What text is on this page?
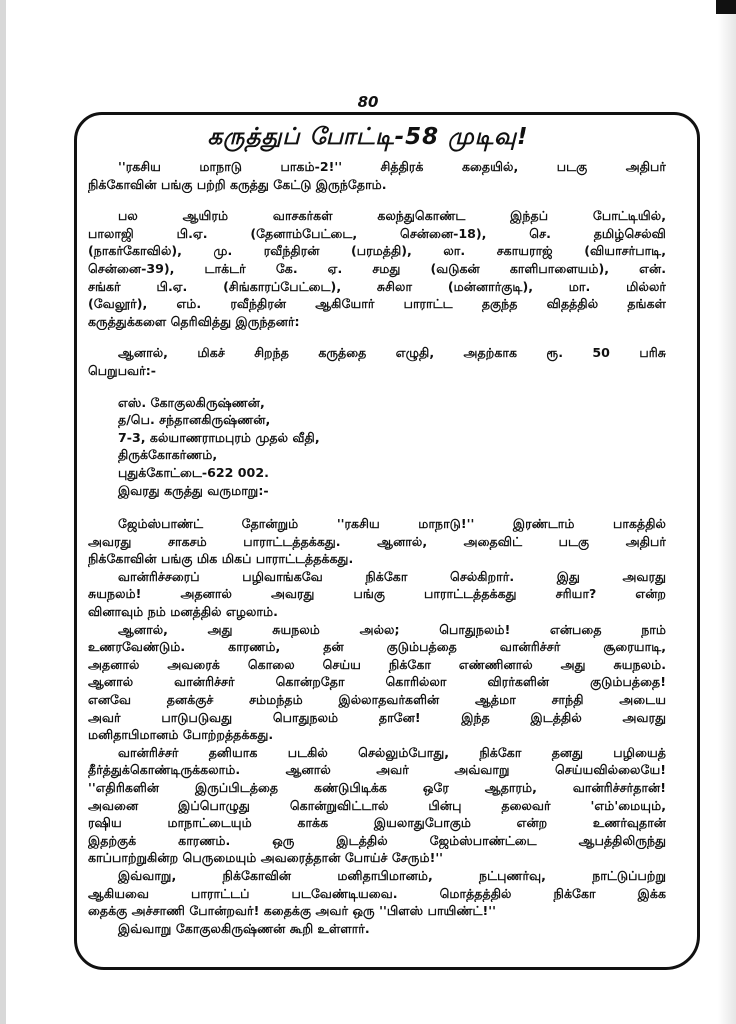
80
கருத்துப் போட்டி-58 முடிவு!
''ரகசிய மாநாடு பாகம்-2!'' சித்திரக் கதையில், படகு அதிபர்
நிக்கோவின் பங்கு பற்றி கருத்து கேட்டு இருந்தோம்.
பல ஆயிரம் வாசகர்கள் கலந்துகொண்ட இந்தப் போட்டியில்,
பாலாஜி பி.ஏ. (தேனாம்பேட்டை, சென்னை-18), செ. தமிழ்செல்வி
(நாகர்கோவில்), மு. ரவீந்திரன் (பரமத்தி), லா. சகாயராஜ் (வியாசர்பாடி,
சென்னை-39), டாக்டர் கே. ஏ. சமது (வடுகன் காளிபாளையம்), என்.
சங்கர் பி.ஏ. (சிங்காரப்பேட்டை), சுசிலா (மன்னார்குடி), மா. மில்லர்
(வேலூர்), எம். ரவீந்திரன் ஆகியோர் பாராட்ட தகுந்த விதத்தில் தங்கள்
கருத்துக்களை தெரிவித்து இருந்தனர்:
ஆனால், மிகச் சிறந்த கருத்தை எழுதி, அதற்காக ரூ. 50 பரிசு
பெறுபவர்:-
எஸ். கோகுலகிருஷ்ணன்,
த/பெ. சந்தானகிருஷ்ணன்,
7-3, கல்யாணராமபுரம் முதல் வீதி,
திருக்கோகர்ணம்,
புதுக்கோட்டை-622 002.
இவரது கருத்து வருமாறு:-
ஜேம்ஸ்பாண்ட் தோன்றும் ''ரகசிய மாநாடு!'' இரண்டாம் பாகத்தில்
அவரது சாகசம் பாராட்டத்தக்கது. ஆனால், அதைவிட் படகு அதிபர்
நிக்கோவின் பங்கு மிக மிகப் பாராட்டத்தக்கது.
வான்ரிச்சரைப் பழிவாங்கவே நிக்கோ செல்கிறார். இது அவரது
சுயநலம்! அதனால் அவரது பங்கு பாராட்டத்தக்கது சரியா? என்ற
வினாவும் நம் மனத்தில் எழலாம்.
ஆனால், அது சுயநலம் அல்ல; பொதுநலம்! என்பதை நாம்
உணரவேண்டும். காரணம், தன் குடும்பத்தை வான்ரிச்சர் சூரையாடி,
அதனால் அவரைக் கொலை செய்ய நிக்கோ எண்ணினால் அது சுயநலம்.
ஆனால் வான்ரிச்சர் கொன்றதோ கொரில்லா விரர்களின் குடும்பத்தை!
எனவே தனக்குச் சம்மந்தம் இல்லாதவர்களின் ஆத்மா சாந்தி அடைய
அவர் பாடுபடுவது பொதுநலம் தானே! இந்த இடத்தில் அவரது
மனிதாபிமானம் போற்றத்தக்கது.
வான்ரிச்சர் தனியாக படகில் செல்லும்போது, நிக்கோ தனது பழியைத்
தீர்த்துக்கொண்டிருக்கலாம். ஆனால் அவர் அவ்வாறு செய்யவில்லையே!
''எதிரிகளின் இருப்பிடத்தை கண்டுபிடிக்க ஒரே ஆதாரம், வான்ரிச்சர்தான்!
அவனை இப்பொழுது கொன்றுவிட்டால் பின்பு தலைவர் 'எம்'மையும்,
ரஷிய மாநாட்டையும் காக்க இயலாதுபோகும் என்ற உணர்வுதான்
இதற்குக் காரணம். ஒரு இடத்தில் ஜேம்ஸ்பாண்ட்டை ஆபத்திலிருந்து
காப்பாற்றுகின்ற பெருமையும் அவரைத்தான் போய்ச் சேரும்!''
இவ்வாறு, நிக்கோவின் மனிதாபிமானம், நட்புணர்வு, நாட்டுப்பற்று
ஆகியவை பாராட்டப் படவேண்டியவை. மொத்தத்தில் நிக்கோ இக்க
தைக்கு அச்சாணி போன்றவர்! கதைக்கு அவர் ஒரு ''பிளஸ் பாயிண்ட்!''
இவ்வாறு கோகுலகிருஷ்ணன் கூறி உள்ளார்.
